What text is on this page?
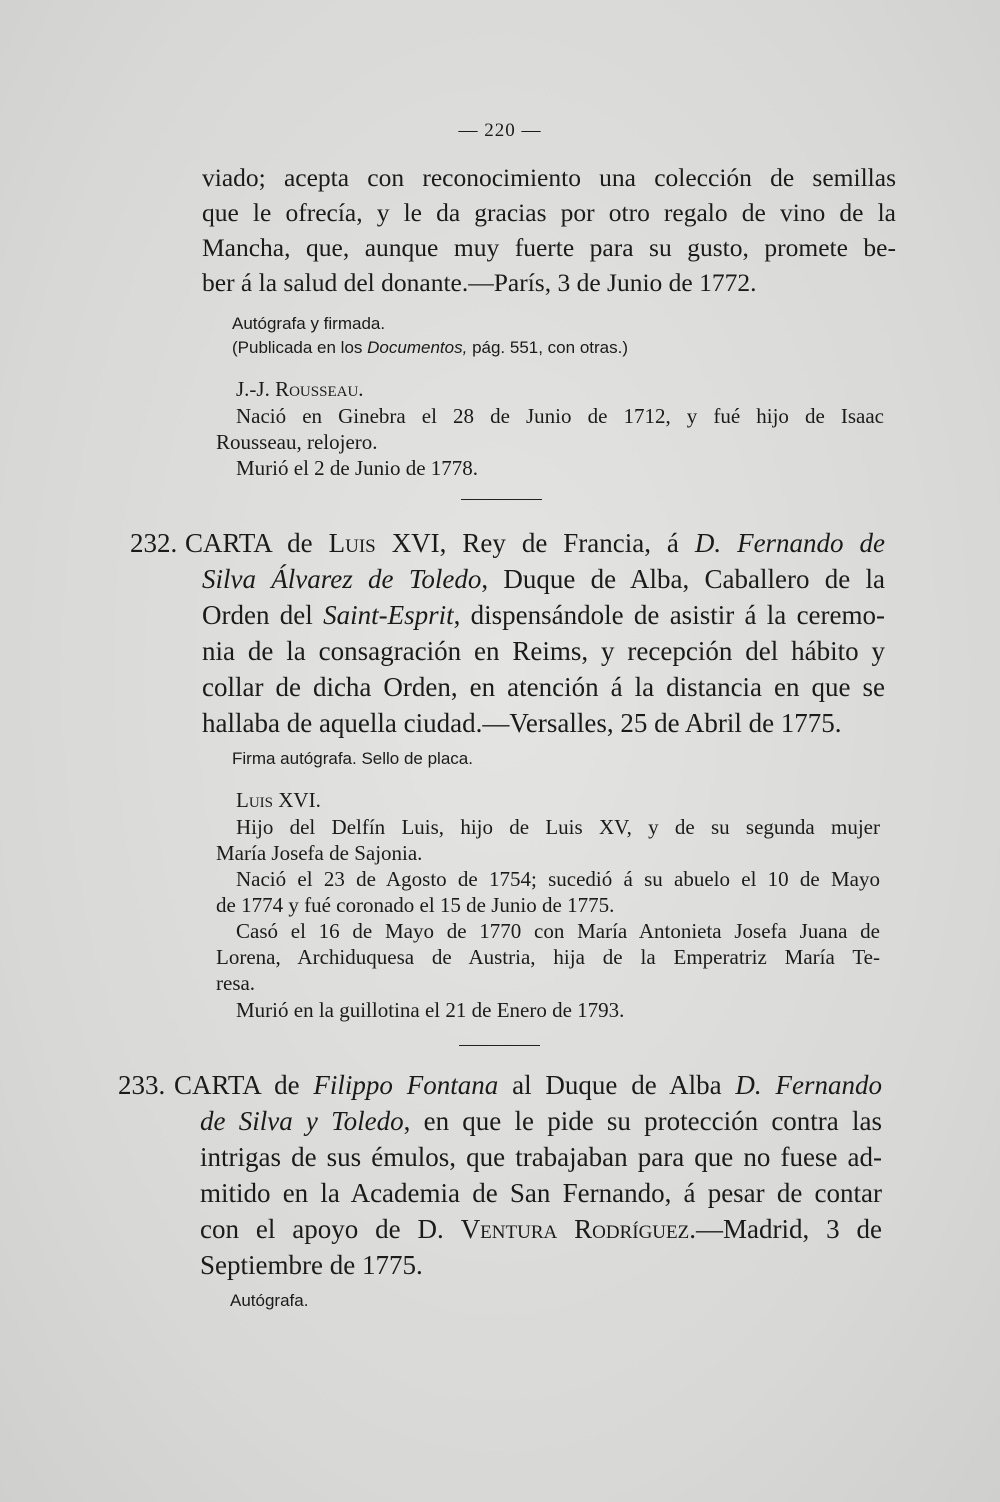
— 220 —
viado; acepta con reconocimiento una colección de semillas
que le ofrecía, y le da gracias por otro regalo de vino de la
Mancha, que, aunque muy fuerte para su gusto, promete be-
ber á la salud del donante.—París, 3 de Junio de 1772.
Autógrafa y firmada.
(Publicada en los Documentos, pág. 551, con otras.)
J.-J. Rousseau.
Nació en Ginebra el 28 de Junio de 1712, y fué hijo de Isaac
Rousseau, relojero.
Murió el 2 de Junio de 1778.
232. CARTA de Luis XVI, Rey de Francia, á D. Fernando de
Silva Álvarez de Toledo, Duque de Alba, Caballero de la
Orden del Saint-Esprit, dispensándole de asistir á la ceremo-
nia de la consagración en Reims, y recepción del hábito y
collar de dicha Orden, en atención á la distancia en que se
hallaba de aquella ciudad.—Versalles, 25 de Abril de 1775.
Firma autógrafa. Sello de placa.
Luis XVI.
Hijo del Delfín Luis, hijo de Luis XV, y de su segunda mujer
María Josefa de Sajonia.
Nació el 23 de Agosto de 1754; sucedió á su abuelo el 10 de Mayo
de 1774 y fué coronado el 15 de Junio de 1775.
Casó el 16 de Mayo de 1770 con María Antonieta Josefa Juana de
Lorena, Archiduquesa de Austria, hija de la Emperatriz María Te-
resa.
Murió en la guillotina el 21 de Enero de 1793.
233. CARTA de Filippo Fontana al Duque de Alba D. Fernando
de Silva y Toledo, en que le pide su protección contra las
intrigas de sus émulos, que trabajaban para que no fuese ad-
mitido en la Academia de San Fernando, á pesar de contar
con el apoyo de D. Ventura Rodríguez.—Madrid, 3 de
Septiembre de 1775.
Autógrafa.
